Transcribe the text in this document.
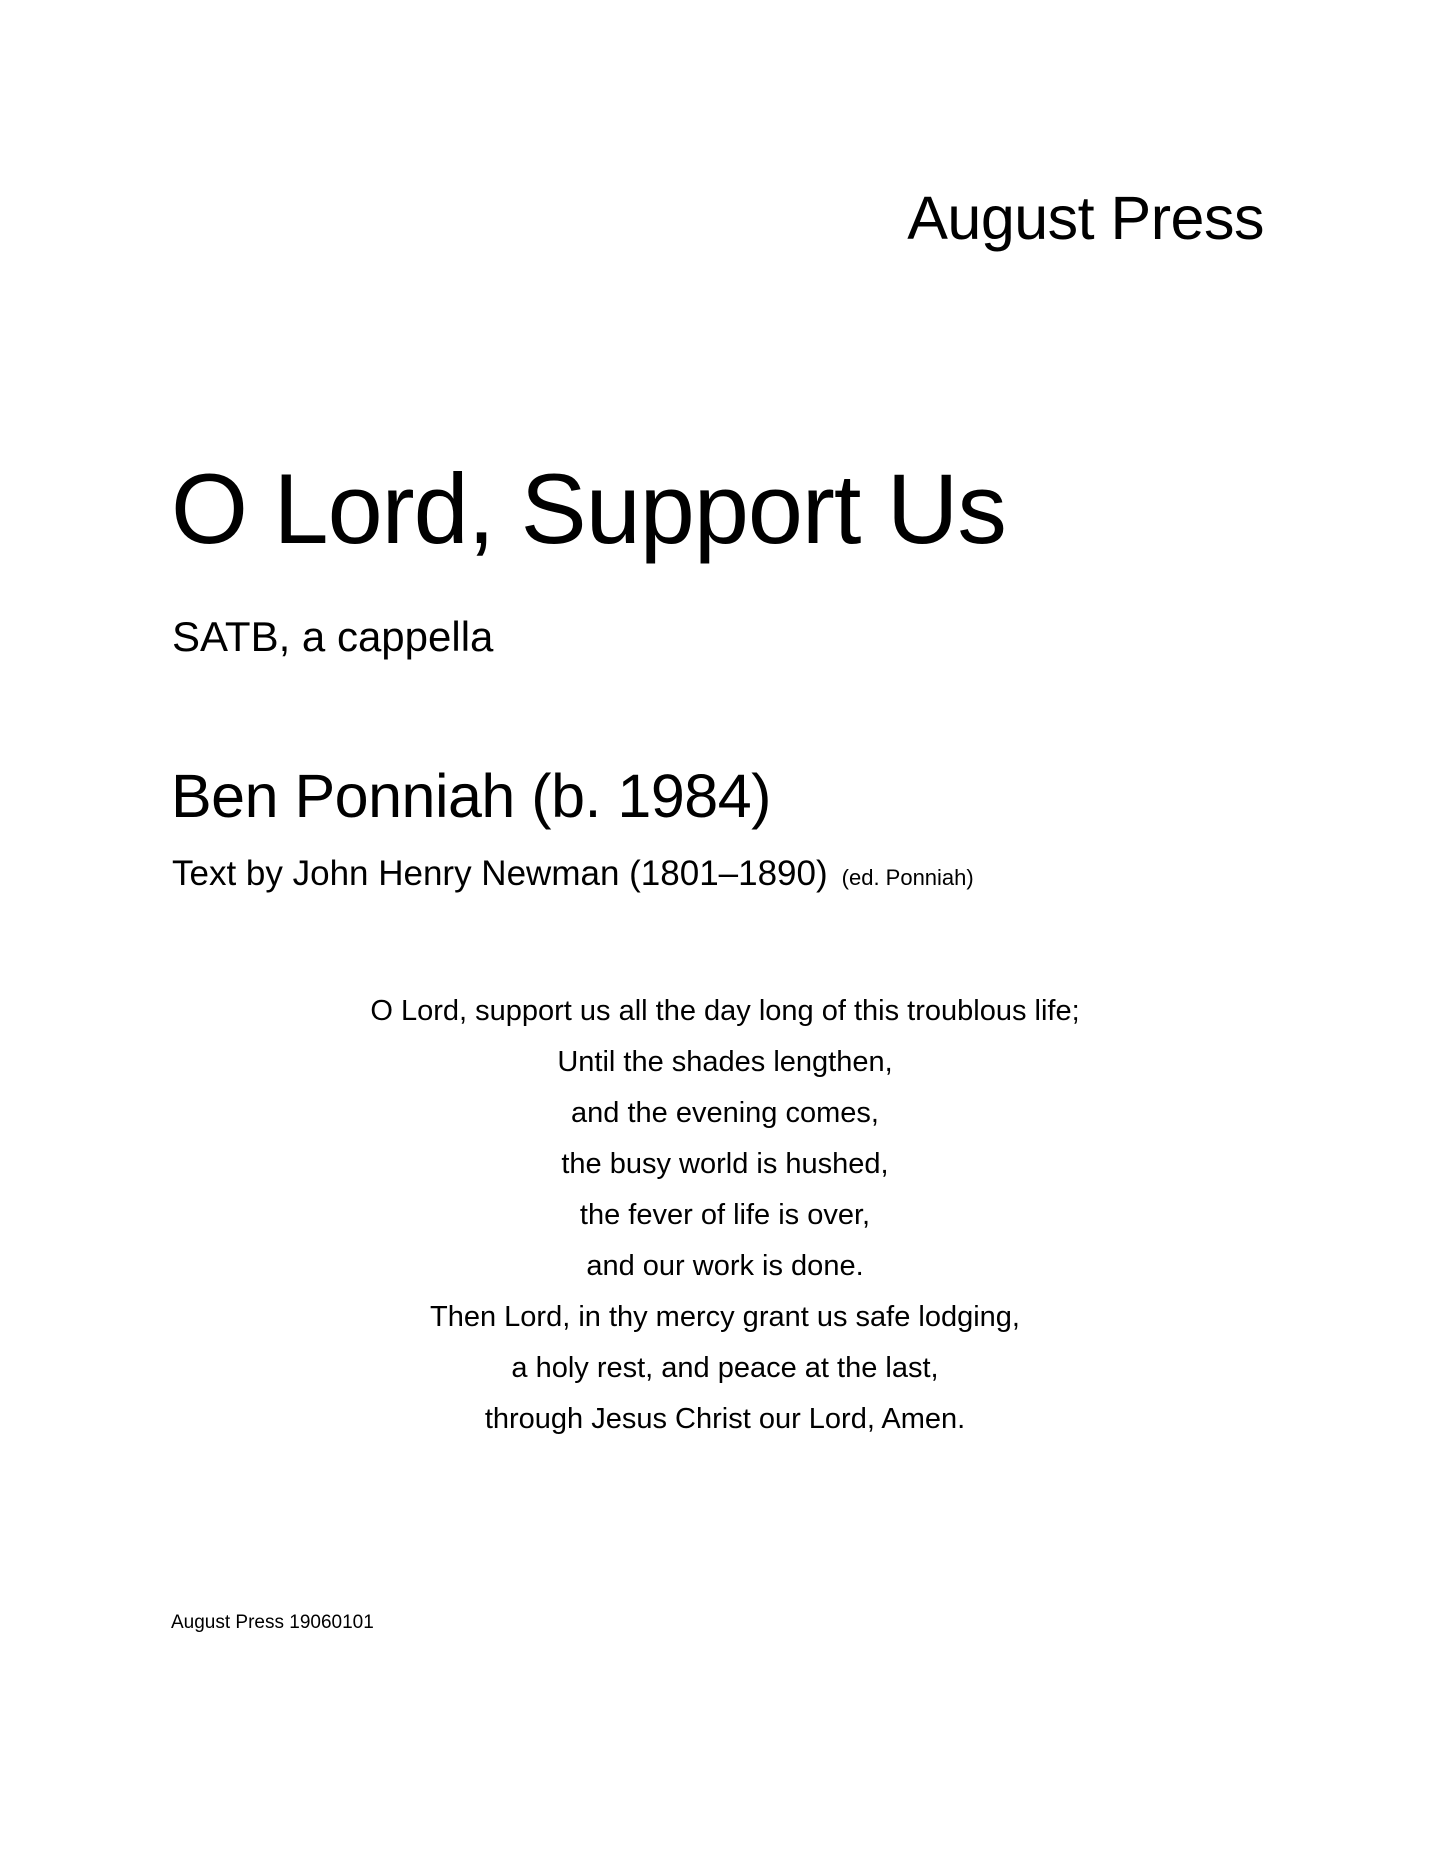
August Press
O Lord, Support Us
SATB, a cappella
Ben Ponniah (b. 1984)
Text by John Henry Newman (1801–1890) (ed. Ponniah)
O Lord, support us all the day long of this troublous life;
Until the shades lengthen,
and the evening comes,
the busy world is hushed,
the fever of life is over,
and our work is done.
Then Lord, in thy mercy grant us safe lodging,
a holy rest, and peace at the last,
through Jesus Christ our Lord, Amen.
August Press 19060101
